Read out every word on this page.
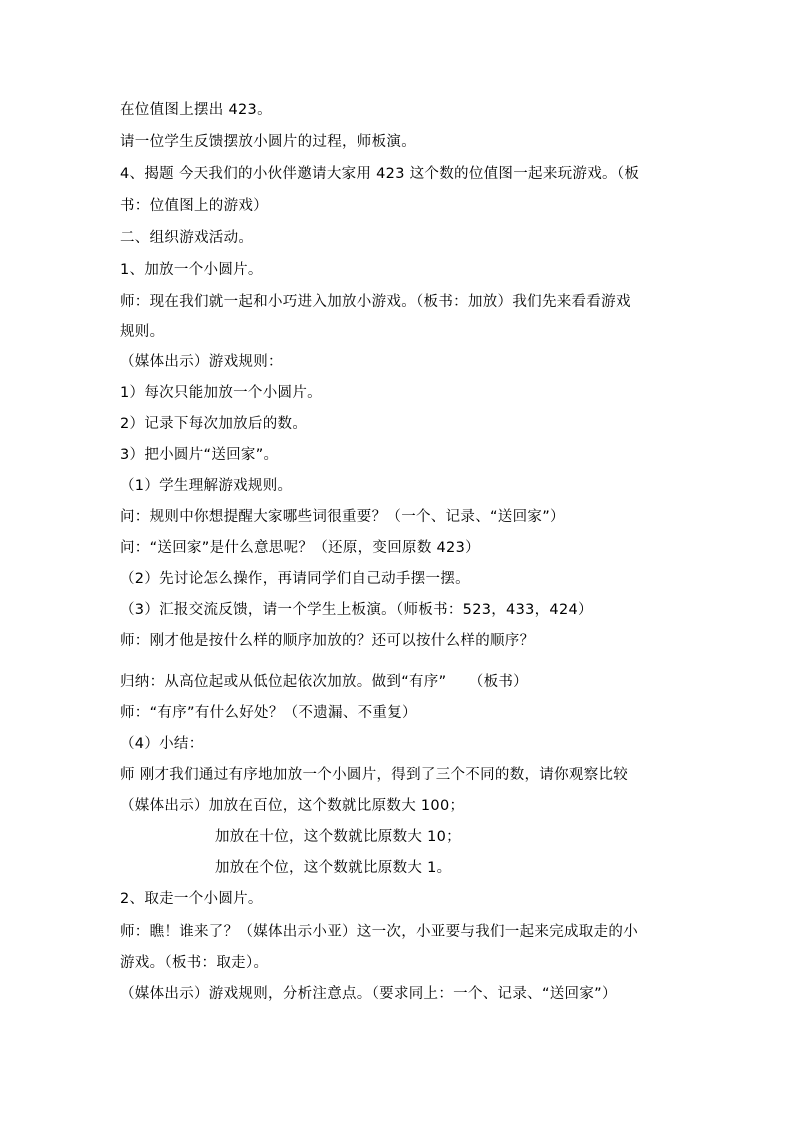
在位值图上摆出 423。
请一位学生反馈摆放小圆片的过程，师板演。
4、揭题 今天我们的小伙伴邀请大家用 423 这个数的位值图一起来玩游戏。（板
书：位值图上的游戏）
二、组织游戏活动。
1、加放一个小圆片。
师：现在我们就一起和小巧进入加放小游戏。（板书：加放）我们先来看看游戏
规则。
（媒体出示）游戏规则：
1）每次只能加放一个小圆片。
2）记录下每次加放后的数。
3）把小圆片“送回家”。
（1）学生理解游戏规则。
问：规则中你想提醒大家哪些词很重要？（一个、记录、“送回家”）
问：“送回家”是什么意思呢？（还原，变回原数 423）
（2）先讨论怎么操作，再请同学们自己动手摆一摆。
（3）汇报交流反馈，请一个学生上板演。（师板书：523，433，424）
师：刚才他是按什么样的顺序加放的？还可以按什么样的顺序？
归纳：从高位起或从低位起依次加放。做到“有序”　　（板书）
师：“有序”有什么好处？（不遗漏、不重复）
（4）小结：
师 刚才我们通过有序地加放一个小圆片，得到了三个不同的数，请你观察比较
（媒体出示）加放在百位，这个数就比原数大 100；
加放在十位，这个数就比原数大 10；
加放在个位，这个数就比原数大 1。
2、取走一个小圆片。
师：瞧！谁来了？（媒体出示小亚）这一次，小亚要与我们一起来完成取走的小
游戏。（板书：取走）。
（媒体出示）游戏规则，分析注意点。（要求同上：一个、记录、“送回家”）
